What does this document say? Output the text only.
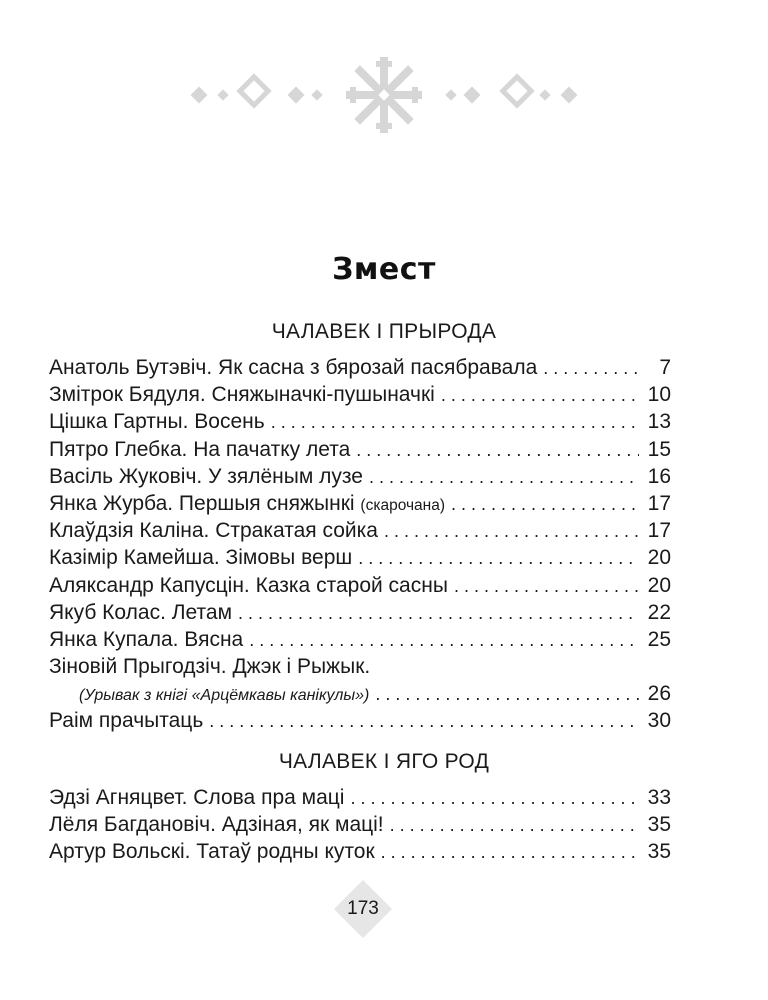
Змест
ЧАЛАВЕК І ПРЫРОДА
Анатоль Бутэвіч. Як сасна з бярозай пасябравала . . .	7
Змітрок Бядуля. Сняжыначкі-пушыначкі . . .	10
Цішка Гартны. Восень . . .	13
Пятро Глебка. На пачатку лета . . .	15
Васіль Жуковіч. У зялёным лузе . . .	16
Янка Журба. Першыя сняжынкі (скарочана) . . .	17
Клаўдзія Каліна. Стракатая сойка . . .	17
Казімір Камейша. Зімовы верш . . .	20
Аляксандр Капусцін. Казка старой сасны . . .	20
Якуб Колас. Летам . . .	22
Янка Купала. Вясна . . .	25
Зіновій Прыгодзіч. Джэк і Рыжык.
(Урывак з кнігі «Арцёмкавы канікулы») . . .	26
Раім прачытаць . . .	30
ЧАЛАВЕК І ЯГО РОД
Эдзі Агняцвет. Слова пра маці . . .	33
Лёля Багдановіч. Адзіная, як маці! . . .	35
Артур Вольскі. Татаў родны куток . . .	35
173
